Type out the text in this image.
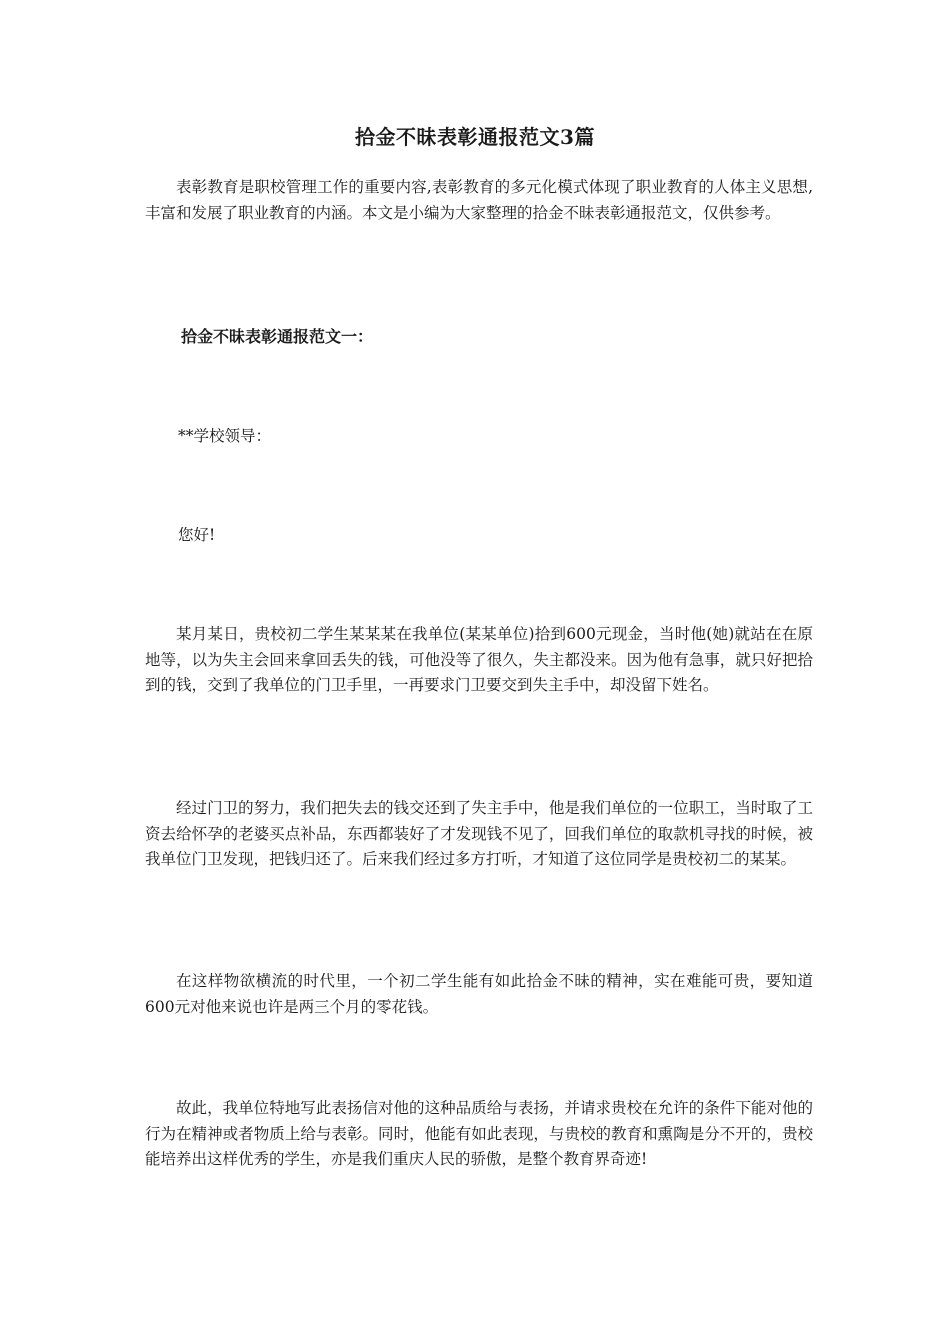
拾金不昧表彰通报范文3篇

表彰教育是职校管理工作的重要内容,表彰教育的多元化模式体现了职业教育的人体主义思想,丰富和发展了职业教育的内涵。本文是小编为大家整理的拾金不昧表彰通报范文，仅供参考。

拾金不昧表彰通报范文一：

**学校领导：

您好!

某月某日，贵校初二学生某某某在我单位(某某单位)拾到600元现金，当时他(她)就站在在原地等，以为失主会回来拿回丢失的钱，可他没等了很久，失主都没来。因为他有急事，就只好把拾到的钱，交到了我单位的门卫手里，一再要求门卫要交到失主手中，却没留下姓名。

经过门卫的努力，我们把失去的钱交还到了失主手中，他是我们单位的一位职工，当时取了工资去给怀孕的老婆买点补品，东西都装好了才发现钱不见了，回我们单位的取款机寻找的时候，被我单位门卫发现，把钱归还了。后来我们经过多方打听，才知道了这位同学是贵校初二的某某。

在这样物欲横流的时代里，一个初二学生能有如此拾金不昧的精神，实在难能可贵，要知道600元对他来说也许是两三个月的零花钱。

故此，我单位特地写此表扬信对他的这种品质给与表扬，并请求贵校在允许的条件下能对他的行为在精神或者物质上给与表彰。同时，他能有如此表现，与贵校的教育和熏陶是分不开的，贵校能培养出这样优秀的学生，亦是我们重庆人民的骄傲，是整个教育界奇迹!
